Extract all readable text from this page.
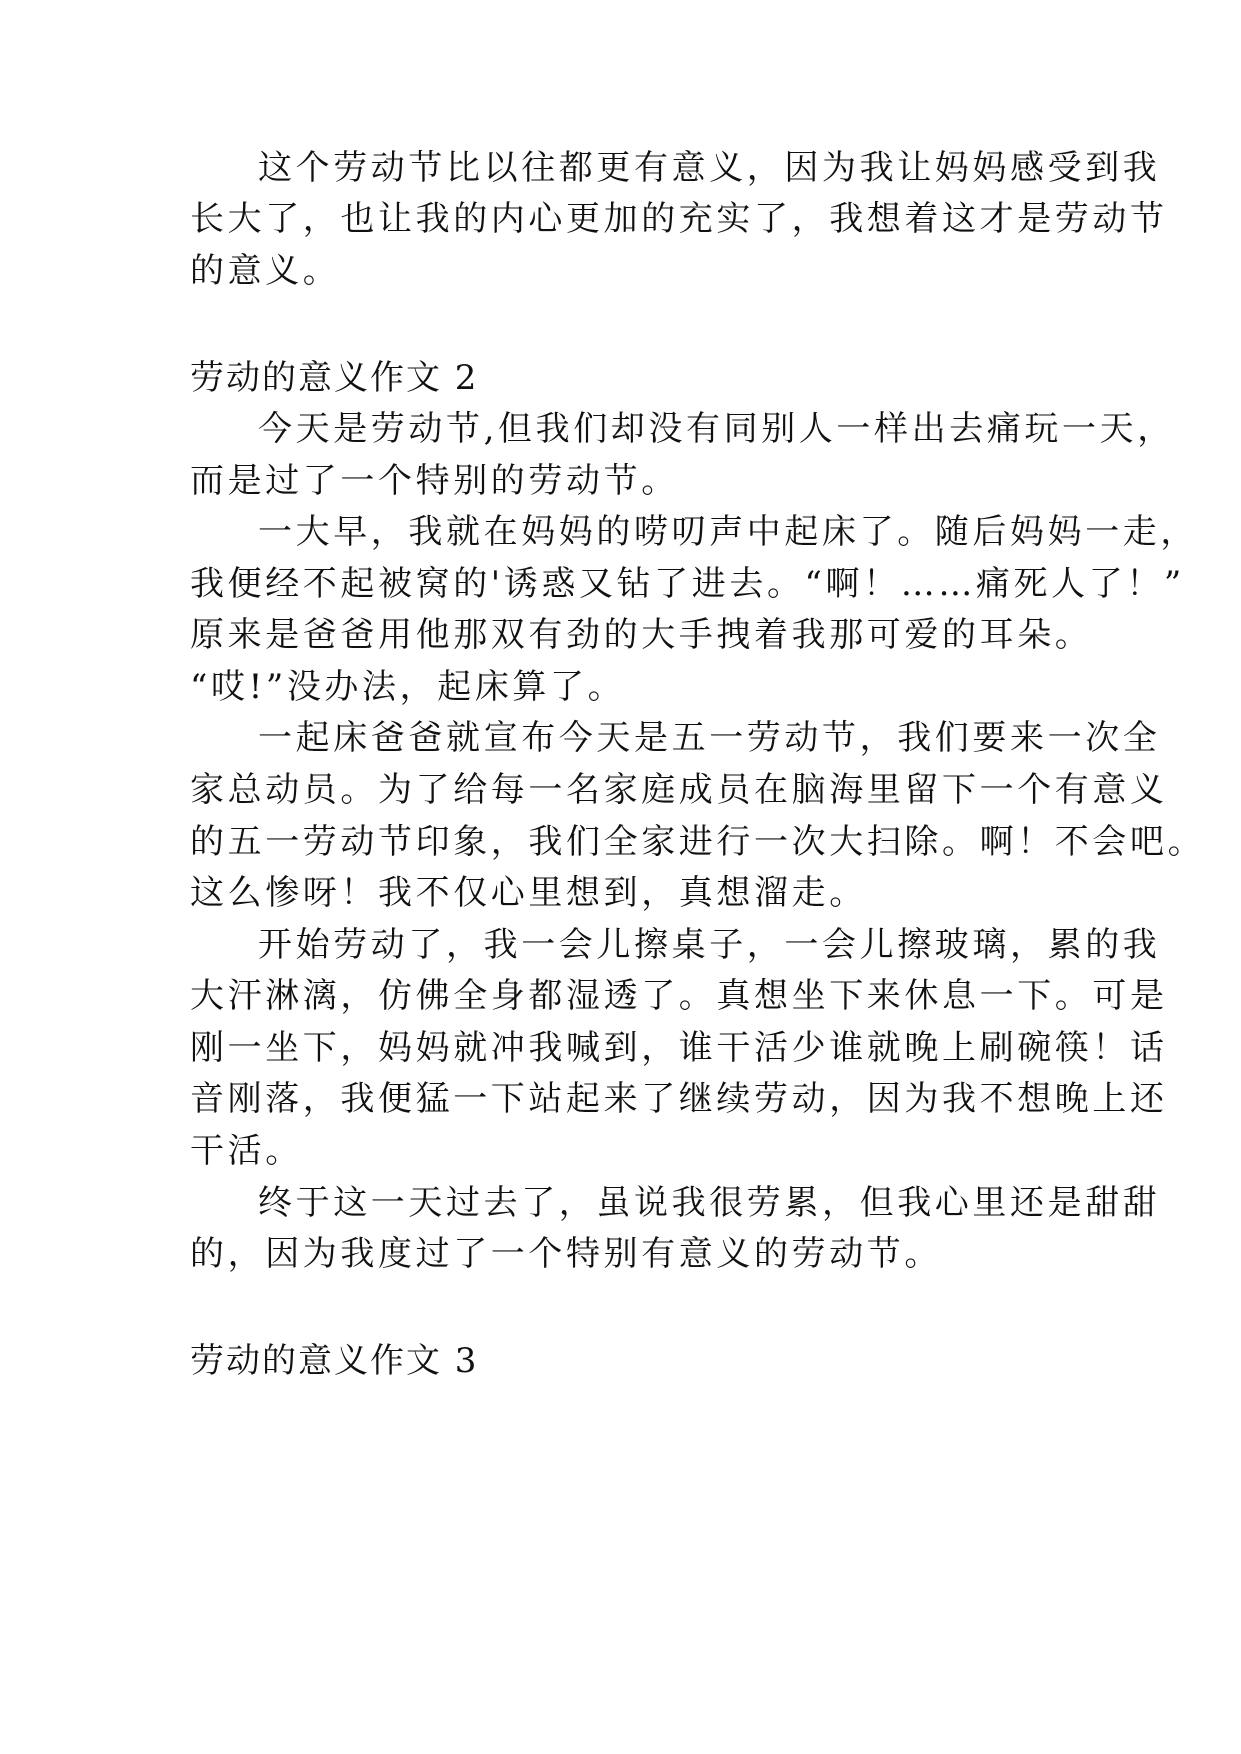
这个劳动节比以往都更有意义，因为我让妈妈感受到我
长大了，也让我的内心更加的充实了，我想着这才是劳动节
的意义。
劳动的意义作文 2
今天是劳动节,但我们却没有同别人一样出去痛玩一天，
而是过了一个特别的劳动节。
一大早，我就在妈妈的唠叨声中起床了。随后妈妈一走，
我便经不起被窝的'诱惑又钻了进去。“啊！……痛死人了！”
原来是爸爸用他那双有劲的大手拽着我那可爱的耳朵。
“哎!”没办法，起床算了。
一起床爸爸就宣布今天是五一劳动节，我们要来一次全
家总动员。为了给每一名家庭成员在脑海里留下一个有意义
的五一劳动节印象，我们全家进行一次大扫除。啊！不会吧。
这么惨呀！我不仅心里想到，真想溜走。
开始劳动了，我一会儿擦桌子，一会儿擦玻璃，累的我
大汗淋漓，仿佛全身都湿透了。真想坐下来休息一下。可是
刚一坐下，妈妈就冲我喊到，谁干活少谁就晚上刷碗筷！话
音刚落，我便猛一下站起来了继续劳动，因为我不想晚上还
干活。
终于这一天过去了，虽说我很劳累，但我心里还是甜甜
的，因为我度过了一个特别有意义的劳动节。
劳动的意义作文 3
